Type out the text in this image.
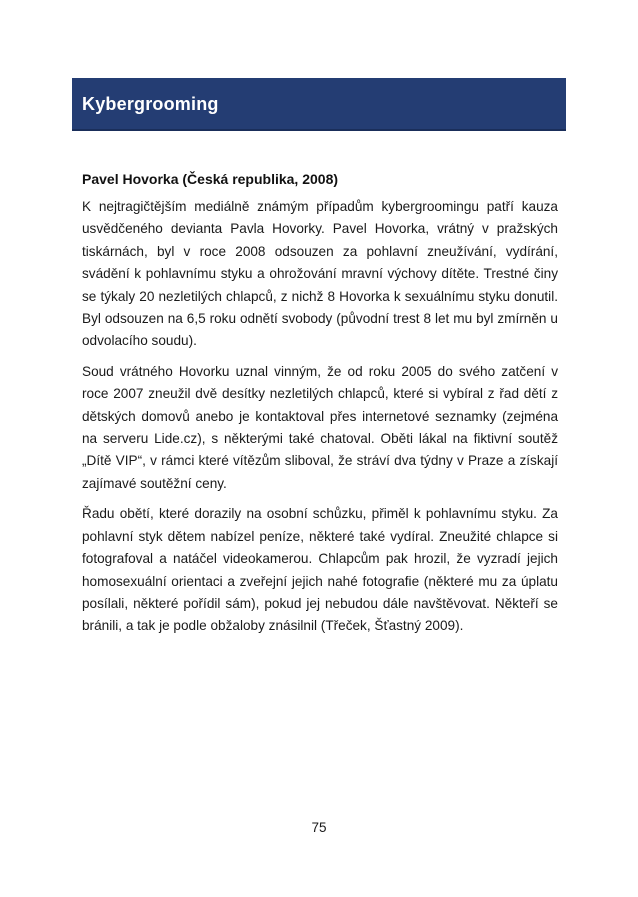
Kybergrooming
Pavel Hovorka (Česká republika, 2008)

K nejtragičtějším mediálně známým případům kybergroomingu patří kauza usvědčeného devianta Pavla Hovorky. Pavel Hovorka, vrátný v pražských tiskárnách, byl v roce 2008 odsouzen za pohlavní zneužívání, vydírání, svádění k pohlavnímu styku a ohrožování mravní výchovy dítěte. Trestné činy se týkaly 20 nezletilých chlapců, z nichž 8 Hovorka k sexuálnímu styku donutil. Byl odsouzen na 6,5 roku odnětí svobody (původní trest 8 let mu byl zmírněn u odvolacího soudu).

Soud vrátného Hovorku uznal vinným, že od roku 2005 do svého zatčení v roce 2007 zneužil dvě desítky nezletilých chlapců, které si vybíral z řad dětí z dětských domovů anebo je kontaktoval přes internetové seznamky (zejména na serveru Lide.cz), s některými také chatoval. Oběti lákal na fiktivní soutěž „Dítě VIP“, v rámci které vítězům sliboval, že stráví dva týdny v Praze a získají zajímavé soutěžní ceny.

Řadu obětí, které dorazily na osobní schůzku, přiměl k pohlavnímu styku. Za pohlavní styk dětem nabízel peníze, některé také vydíral. Zneužité chlapce si fotografoval a natáčel videokamerou. Chlapcům pak hrozil, že vyzradí jejich homosexuální orientaci a zveřejní jejich nahé fotografie (některé mu za úplatu posílali, některé pořídil sám), pokud jej nebudou dále navštěvovat. Někteří se bránili, a tak je podle obžaloby znásilnil (Třeček, Šťastný 2009).

75
